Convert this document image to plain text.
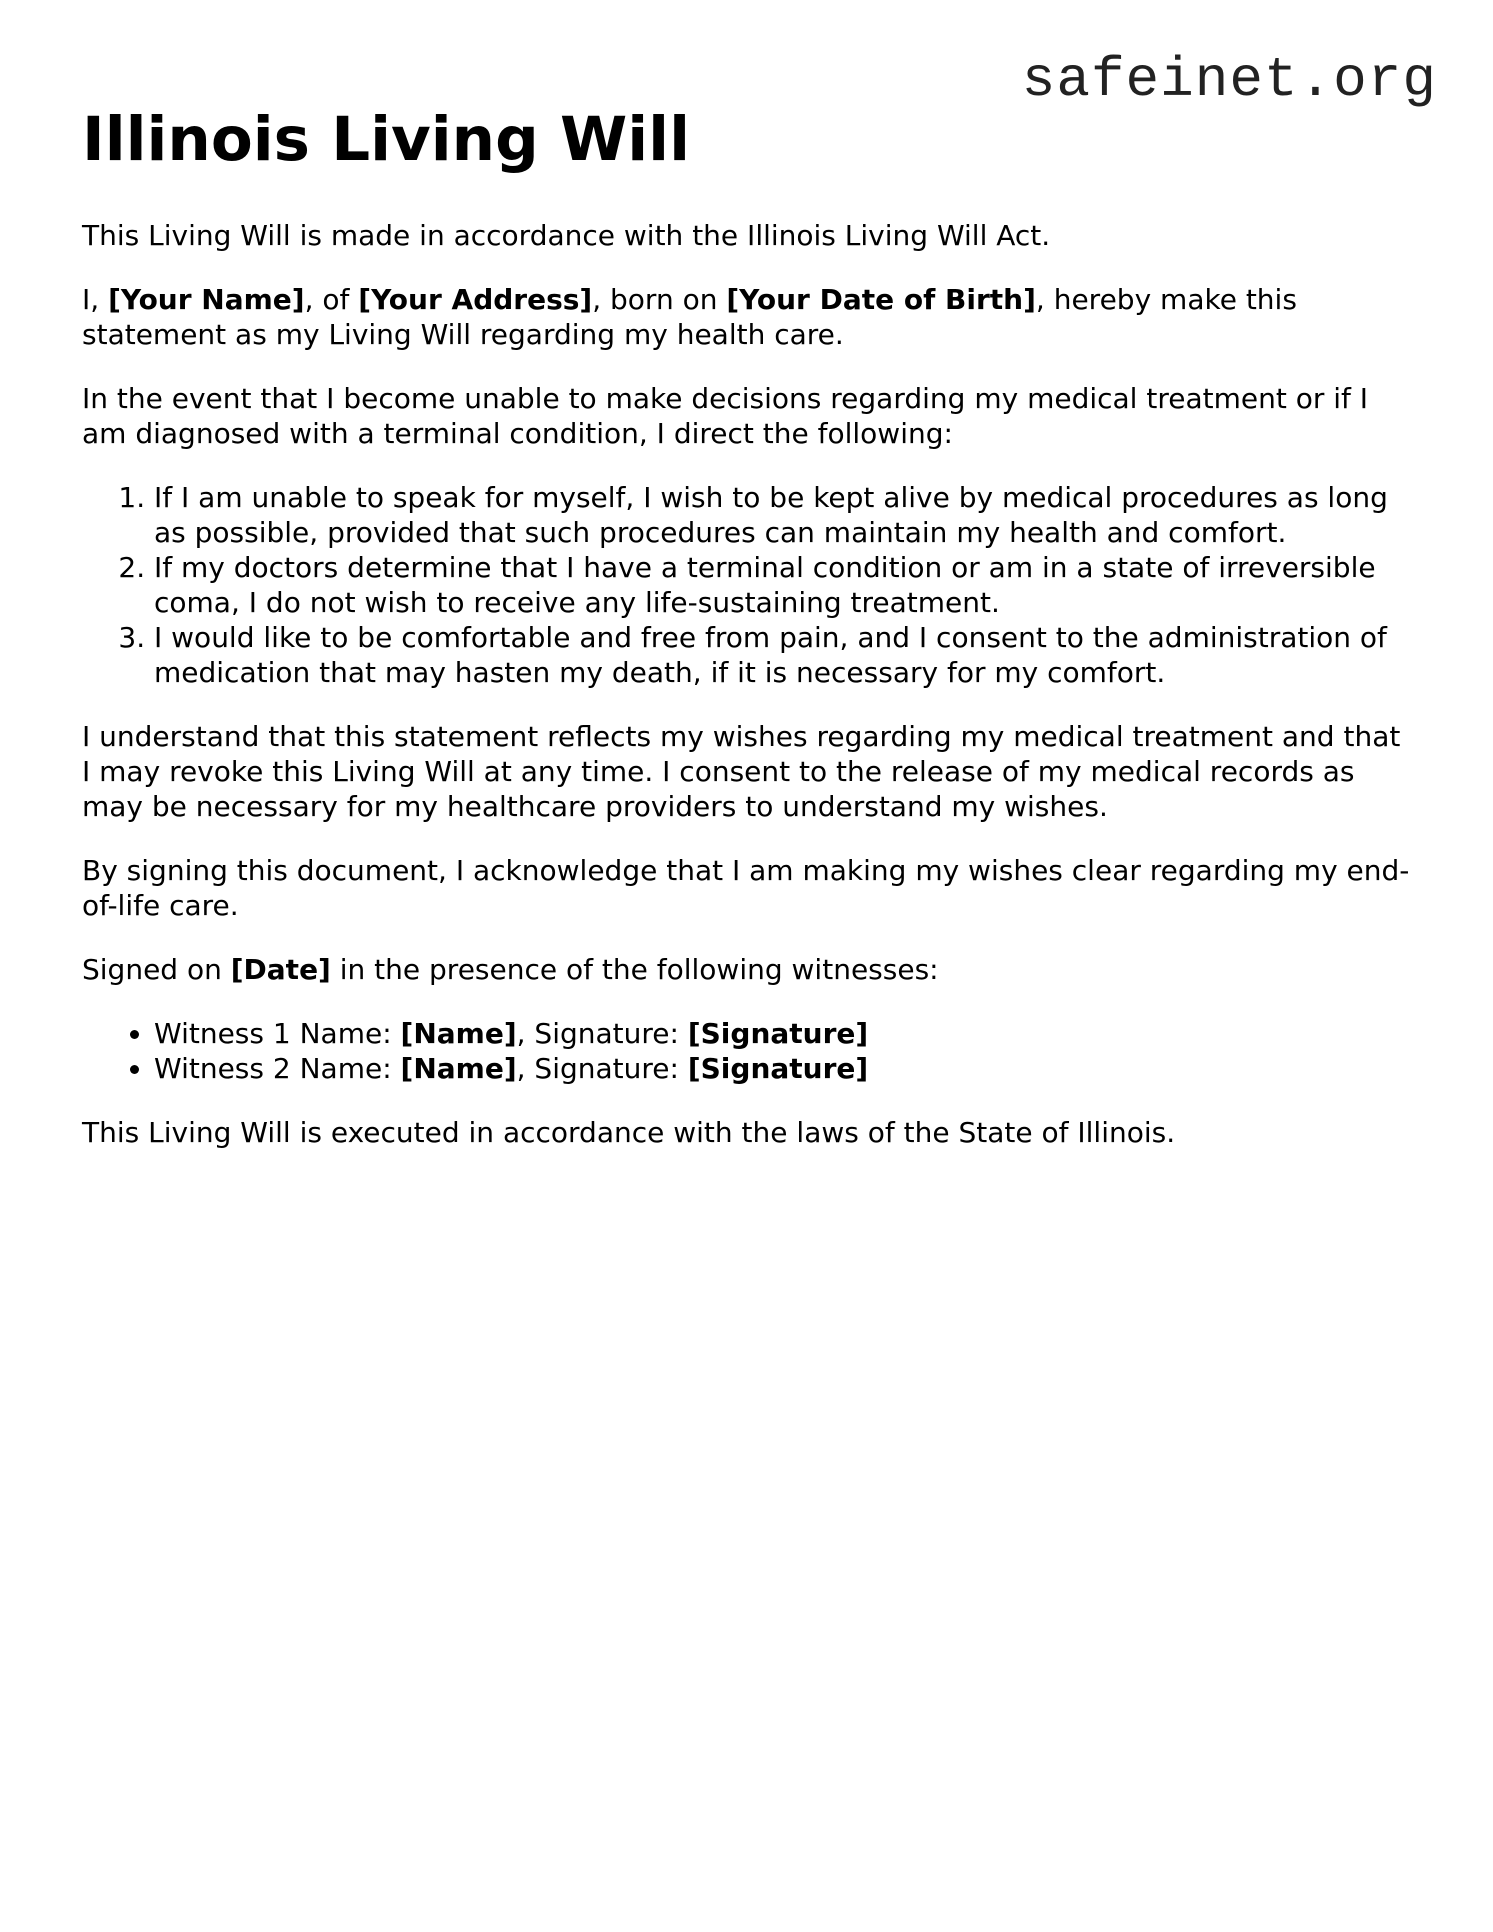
safeinet.org
Illinois Living Will

This Living Will is made in accordance with the Illinois Living Will Act.

I, [Your Name], of [Your Address], born on [Your Date of Birth], hereby make this statement as my Living Will regarding my health care.

In the event that I become unable to make decisions regarding my medical treatment or if I am diagnosed with a terminal condition, I direct the following:

1. If I am unable to speak for myself, I wish to be kept alive by medical procedures as long as possible, provided that such procedures can maintain my health and comfort.
2. If my doctors determine that I have a terminal condition or am in a state of irreversible coma, I do not wish to receive any life-sustaining treatment.
3. I would like to be comfortable and free from pain, and I consent to the administration of medication that may hasten my death, if it is necessary for my comfort.

I understand that this statement reflects my wishes regarding my medical treatment and that I may revoke this Living Will at any time. I consent to the release of my medical records as may be necessary for my healthcare providers to understand my wishes.

By signing this document, I acknowledge that I am making my wishes clear regarding my end-of-life care.

Signed on [Date] in the presence of the following witnesses:

• Witness 1 Name: [Name], Signature: [Signature]
• Witness 2 Name: [Name], Signature: [Signature]

This Living Will is executed in accordance with the laws of the State of Illinois.
